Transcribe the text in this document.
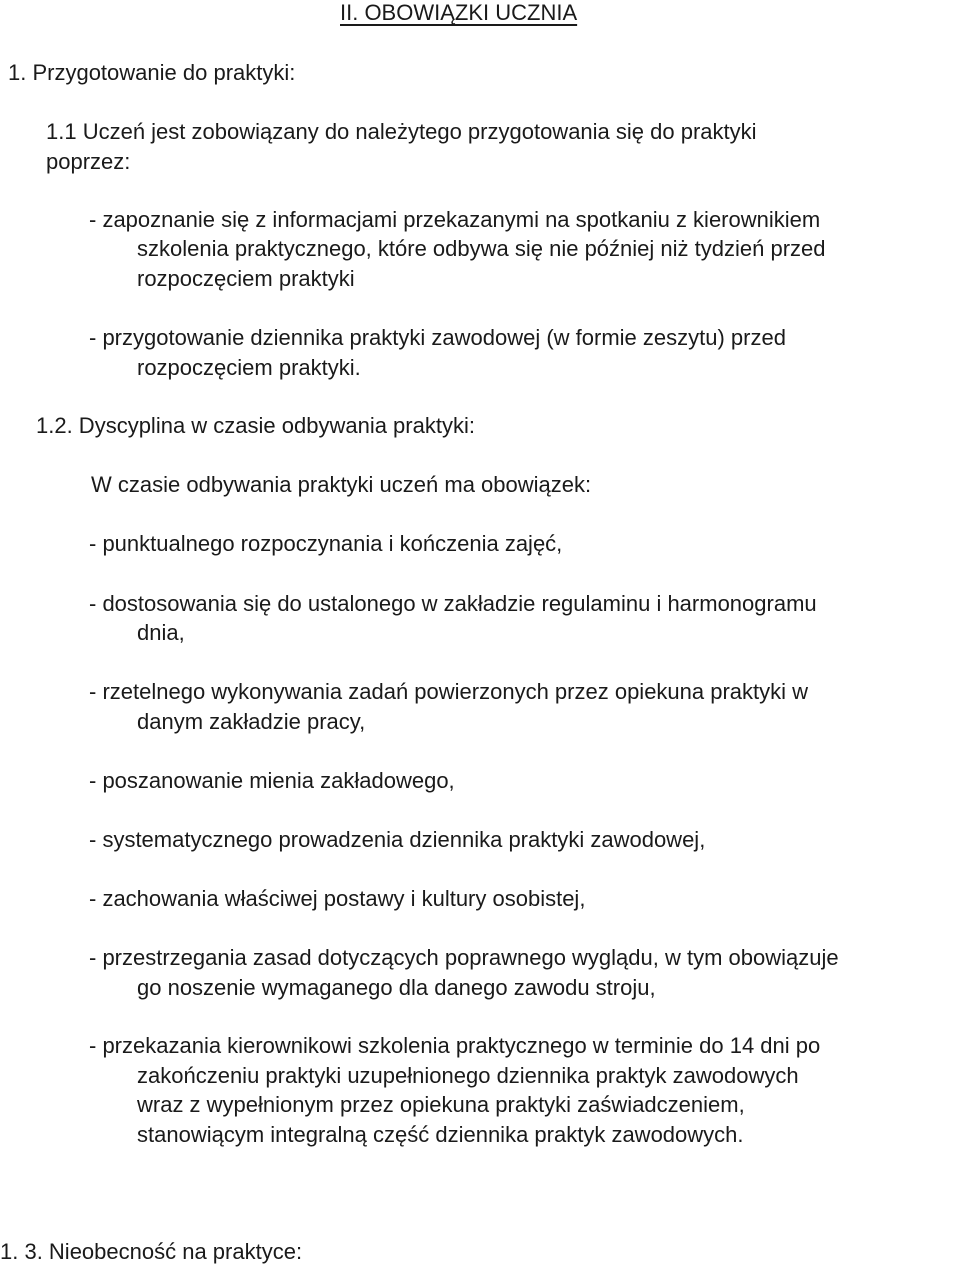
II. OBOWIĄZKI UCZNIA

1. Przygotowanie do praktyki:

1.1 Uczeń jest zobowiązany do należytego przygotowania się do praktyki

poprzez:

- zapoznanie się z informacjami przekazanymi na spotkaniu z kierownikiem

szkolenia praktycznego, które odbywa się nie później niż tydzień przed

rozpoczęciem praktyki

- przygotowanie dziennika praktyki zawodowej (w formie zeszytu) przed

rozpoczęciem praktyki.

1.2. Dyscyplina w czasie odbywania praktyki:

W czasie odbywania praktyki uczeń ma obowiązek:

- punktualnego rozpoczynania i kończenia zajęć,

- dostosowania się do ustalonego w zakładzie regulaminu i harmonogramu

dnia,

- rzetelnego wykonywania zadań powierzonych przez opiekuna praktyki w

danym zakładzie pracy,

- poszanowanie mienia zakładowego,

- systematycznego prowadzenia dziennika praktyki zawodowej,

- zachowania właściwej postawy i kultury osobistej,

- przestrzegania zasad dotyczących poprawnego wyglądu, w tym obowiązuje

go noszenie wymaganego dla danego zawodu stroju,

- przekazania kierownikowi szkolenia praktycznego w terminie do 14 dni po

zakończeniu praktyki uzupełnionego dziennika praktyk zawodowych

wraz z wypełnionym przez opiekuna praktyki zaświadczeniem,

stanowiącym integralną część dziennika praktyk zawodowych.

1. 3. Nieobecność na praktyce:
